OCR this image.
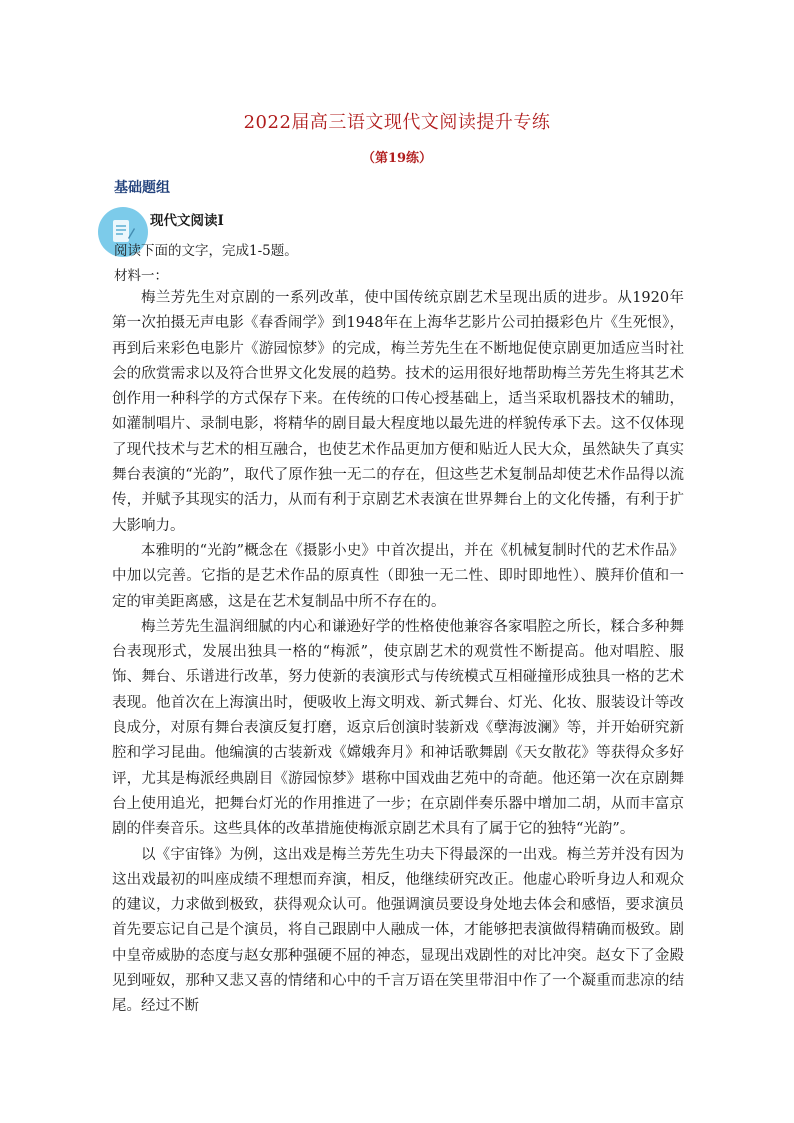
2022届高三语文现代文阅读提升专练
（第19练）
基础题组
现代文阅读Ⅰ
阅读下面的文字，完成1-5题。
材料一：

梅兰芳先生对京剧的一系列改革，使中国传统京剧艺术呈现出质的进步。从1920年第一次拍摄无声电影《春香闹学》到1948年在上海华艺影片公司拍摄彩色片《生死恨》，再到后来彩色电影片《游园惊梦》的完成，梅兰芳先生在不断地促使京剧更加适应当时社会的欣赏需求以及符合世界文化发展的趋势。技术的运用很好地帮助梅兰芳先生将其艺术创作用一种科学的方式保存下来。在传统的口传心授基础上，适当采取机器技术的辅助，如灌制唱片、录制电影，将精华的剧目最大程度地以最先进的样貌传承下去。这不仅体现了现代技术与艺术的相互融合，也使艺术作品更加方便和贴近人民大众，虽然缺失了真实舞台表演的“光韵”，取代了原作独一无二的存在，但这些艺术复制品却使艺术作品得以流传，并赋予其现实的活力，从而有利于京剧艺术表演在世界舞台上的文化传播，有利于扩大影响力。

本雅明的“光韵”概念在《摄影小史》中首次提出，并在《机械复制时代的艺术作品》中加以完善。它指的是艺术作品的原真性（即独一无二性、即时即地性）、膜拜价值和一定的审美距离感，这是在艺术复制品中所不存在的。

梅兰芳先生温润细腻的内心和谦逊好学的性格使他兼容各家唱腔之所长，糅合多种舞台表现形式，发展出独具一格的“梅派”，使京剧艺术的观赏性不断提高。他对唱腔、服饰、舞台、乐谱进行改革，努力使新的表演形式与传统模式互相碰撞形成独具一格的艺术表现。他首次在上海演出时，便吸收上海文明戏、新式舞台、灯光、化妆、服装设计等改良成分，对原有舞台表演反复打磨，返京后创演时装新戏《孽海波澜》等，并开始研究新腔和学习昆曲。他编演的古装新戏《嫦娥奔月》和神话歌舞剧《天女散花》等获得众多好评，尤其是梅派经典剧目《游园惊梦》堪称中国戏曲艺苑中的奇葩。他还第一次在京剧舞台上使用追光，把舞台灯光的作用推进了一步；在京剧伴奏乐器中增加二胡，从而丰富京剧的伴奏音乐。这些具体的改革措施使梅派京剧艺术具有了属于它的独特“光韵”。

以《宇宙锋》为例，这出戏是梅兰芳先生功夫下得最深的一出戏。梅兰芳并没有因为这出戏最初的叫座成绩不理想而弃演，相反，他继续研究改正。他虚心聆听身边人和观众的建议，力求做到极致，获得观众认可。他强调演员要设身处地去体会和感悟，要求演员首先要忘记自己是个演员，将自己跟剧中人融成一体，才能够把表演做得精确而极致。剧中皇帝威胁的态度与赵女那种强硬不屈的神态，显现出戏剧性的对比冲突。赵女下了金殿见到哑奴，那种又悲又喜的情绪和心中的千言万语在笑里带泪中作了一个凝重而悲凉的结尾。经过不断
